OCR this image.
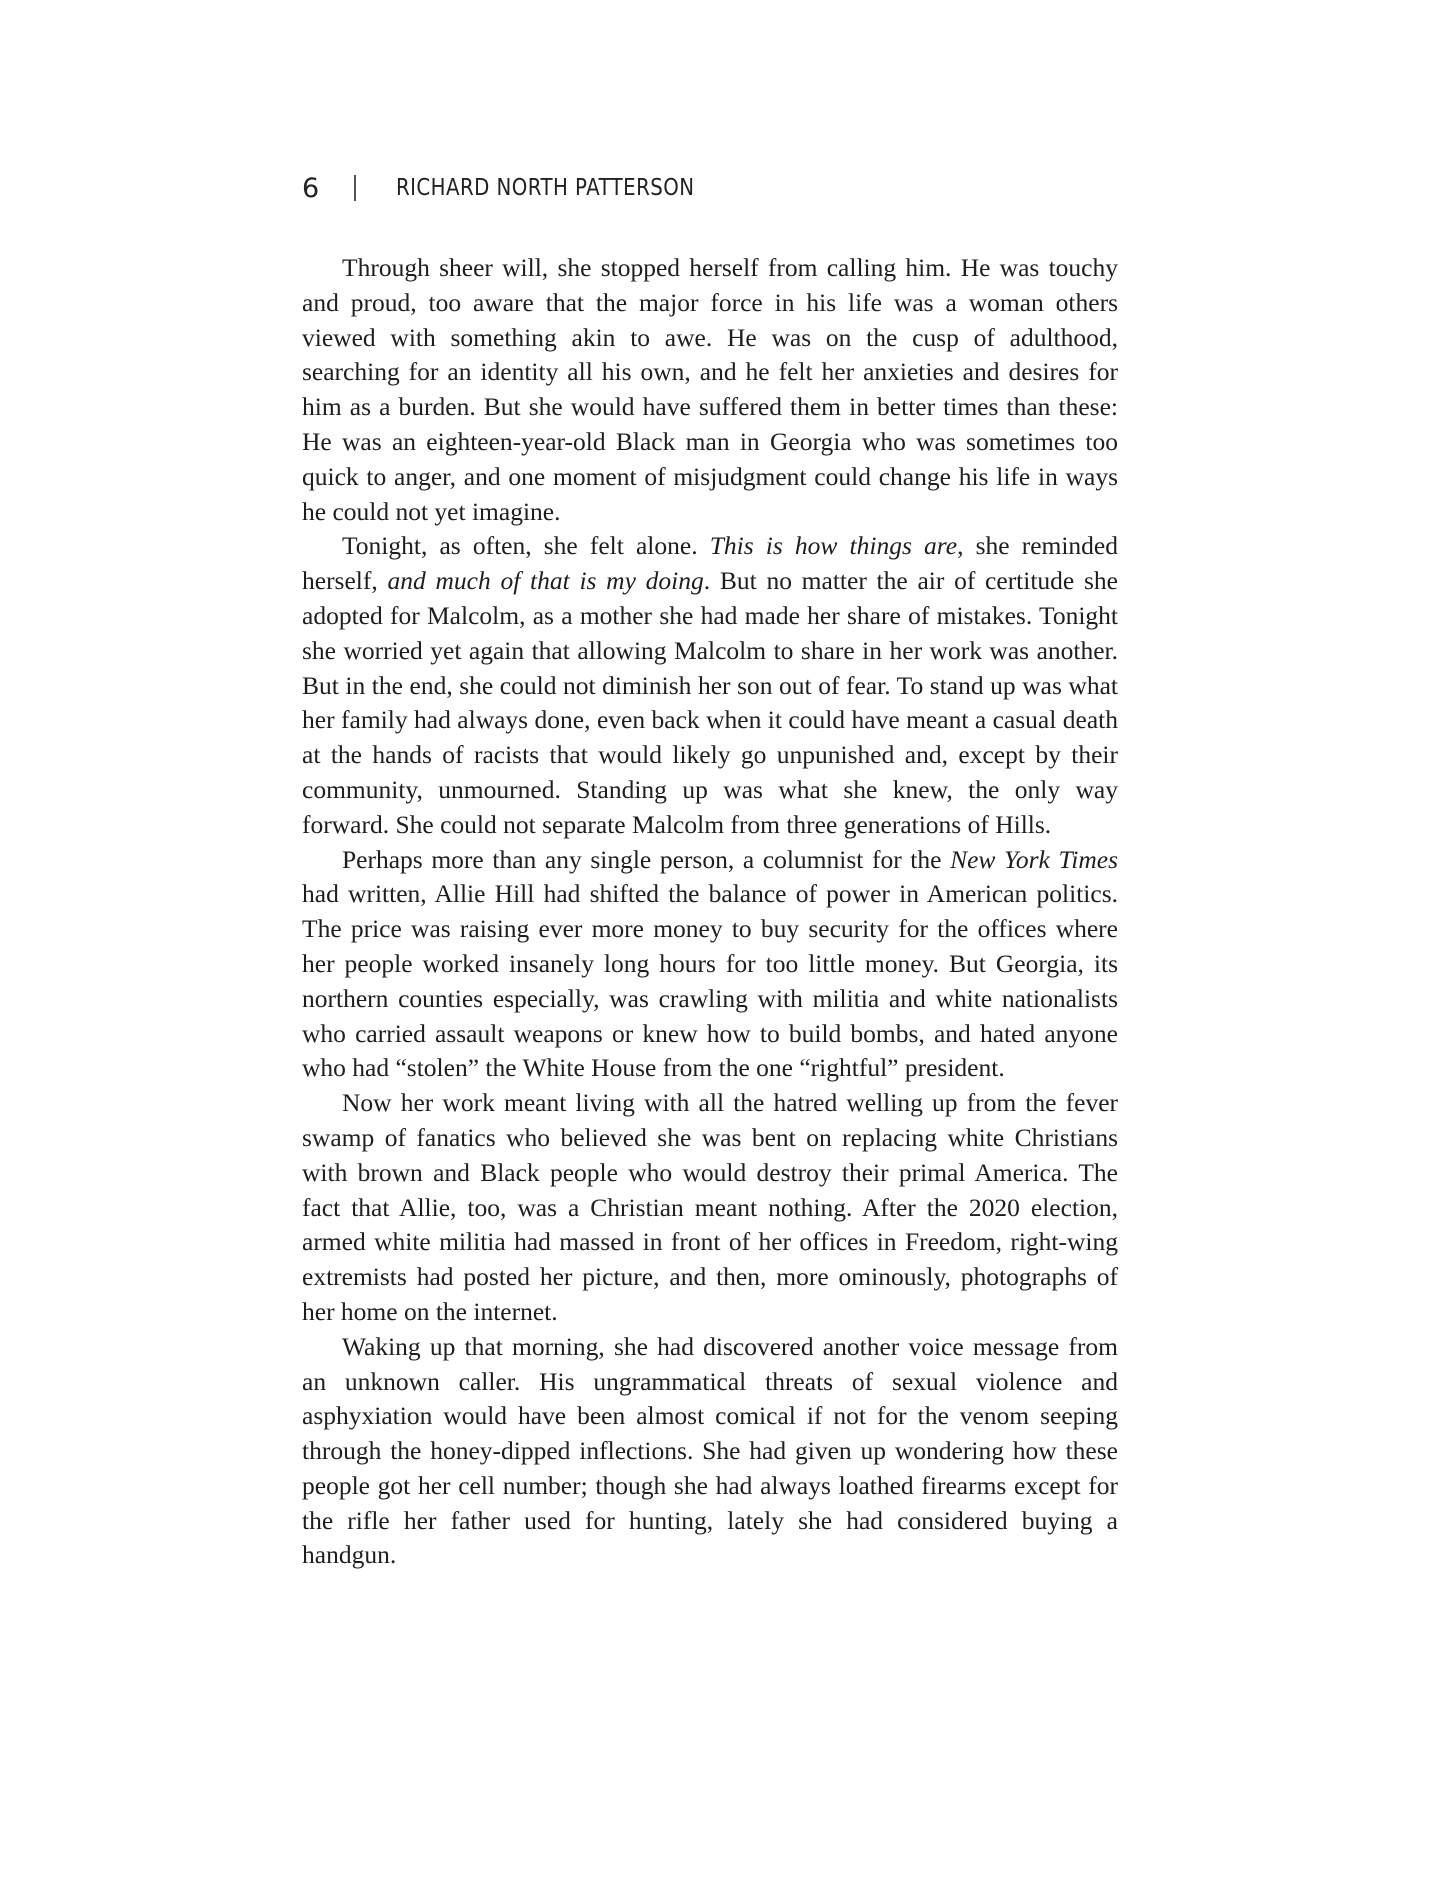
6	RICHARD NORTH PATTERSON

Through sheer will, she stopped herself from calling him. He was touchy and proud, too aware that the major force in his life was a woman others viewed with something akin to awe. He was on the cusp of adulthood, searching for an identity all his own, and he felt her anxieties and desires for him as a burden. But she would have suffered them in better times than these: He was an eighteen-year-old Black man in Georgia who was sometimes too quick to anger, and one moment of misjudgment could change his life in ways he could not yet imagine.

Tonight, as often, she felt alone. This is how things are, she reminded herself, and much of that is my doing. But no matter the air of certitude she adopted for Malcolm, as a mother she had made her share of mistakes. Tonight she worried yet again that allowing Malcolm to share in her work was another. But in the end, she could not diminish her son out of fear. To stand up was what her family had always done, even back when it could have meant a casual death at the hands of racists that would likely go unpunished and, except by their community, unmourned. Standing up was what she knew, the only way forward. She could not separate Malcolm from three generations of Hills.

Perhaps more than any single person, a columnist for the New York Times had written, Allie Hill had shifted the balance of power in American politics. The price was raising ever more money to buy security for the offices where her people worked insanely long hours for too little money. But Georgia, its northern counties especially, was crawling with militia and white nationalists who carried assault weapons or knew how to build bombs, and hated anyone who had “stolen” the White House from the one “rightful” president.

Now her work meant living with all the hatred welling up from the fever swamp of fanatics who believed she was bent on replacing white Christians with brown and Black people who would destroy their primal America. The fact that Allie, too, was a Christian meant nothing. After the 2020 election, armed white militia had massed in front of her offices in Freedom, right-wing extremists had posted her picture, and then, more ominously, photographs of her home on the internet.

Waking up that morning, she had discovered another voice message from an unknown caller. His ungrammatical threats of sexual violence and asphyxiation would have been almost comical if not for the venom seeping through the honey-dipped inflections. She had given up wondering how these people got her cell number; though she had always loathed firearms except for the rifle her father used for hunting, lately she had considered buying a handgun.
